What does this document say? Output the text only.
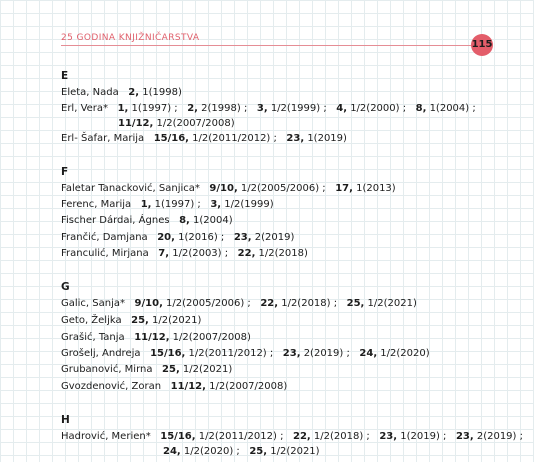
25 GODINA KNJIŽNIČARSTVA
115
E
Eleta, Nada   2, 1(1998)
Erl, Vera*   1, 1(1997) ;   2, 2(1998) ;   3, 1/2(1999) ;   4, 1/2(2000) ;   8, 1(2004) ;
11/12, 1/2(2007/2008)
Erl- Šafar, Marija   15/16, 1/2(2011/2012) ;   23, 1(2019)
F
Faletar Tanacković, Sanjica*   9/10, 1/2(2005/2006) ;   17, 1(2013)
Ferenc, Marija   1, 1(1997) ;   3, 1/2(1999)
Fischer Dárdai, Ágnes   8, 1(2004)
Frančić, Damjana   20, 1(2016) ;   23, 2(2019)
Franculić, Mirjana   7, 1/2(2003) ;   22, 1/2(2018)
G
Galic, Sanja*   9/10, 1/2(2005/2006) ;   22, 1/2(2018) ;   25, 1/2(2021)
Geto, Željka   25, 1/2(2021)
Grašić, Tanja   11/12, 1/2(2007/2008)
Grošelj, Andreja   15/16, 1/2(2011/2012) ;   23, 2(2019) ;   24, 1/2(2020)
Grubanović, Mirna   25, 1/2(2021)
Gvozdenović, Zoran   11/12, 1/2(2007/2008)
H
Hadrović, Merien*   15/16, 1/2(2011/2012) ;   22, 1/2(2018) ;   23, 1(2019) ;   23, 2(2019) ;
24, 1/2(2020) ;   25, 1/2(2021)
